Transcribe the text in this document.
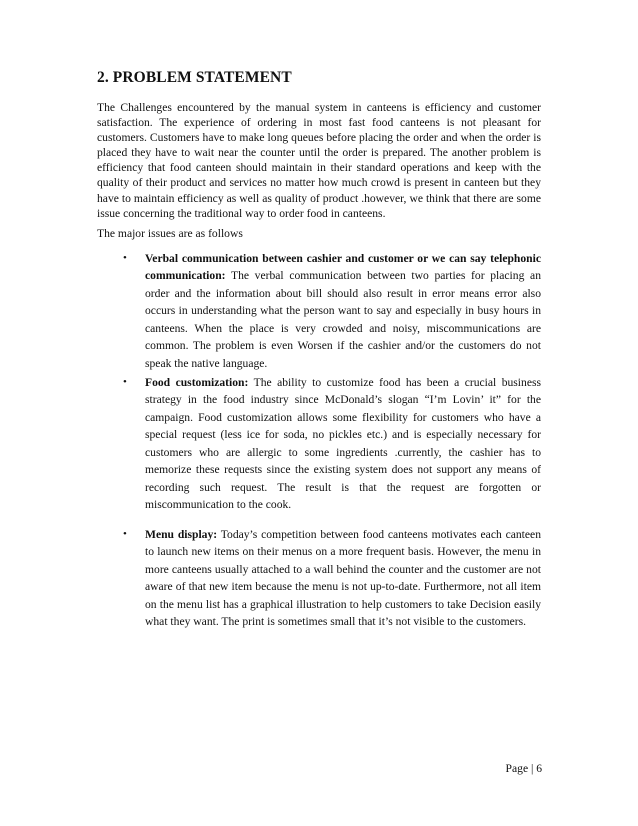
2. PROBLEM STATEMENT

The Challenges encountered by the manual system in canteens is efficiency and customer satisfaction. The experience of ordering in most fast food canteens is not pleasant for customers. Customers have to make long queues before placing the order and when the order is placed they have to wait near the counter until the order is prepared. The another problem is efficiency that food canteen should maintain in their standard operations and keep with the quality of their product and services no matter how much crowd is present in canteen but they have to maintain efficiency as well as quality of product .however, we think that there are some issue concerning the traditional way to order food in canteens.

The major issues are as follows

• Verbal communication between cashier and customer or we can say telephonic communication: The verbal communication between two parties for placing an order and the information about bill should also result in error means error also occurs in understanding what the person want to say and especially in busy hours in canteens. When the place is very crowded and noisy, miscommunications are common. The problem is even Worsen if the cashier and/or the customers do not speak the native language.

• Food customization: The ability to customize food has been a crucial business strategy in the food industry since McDonald’s slogan “I’m Lovin’ it” for the campaign. Food customization allows some flexibility for customers who have a special request (less ice for soda, no pickles etc.) and is especially necessary for customers who are allergic to some ingredients .currently, the cashier has to memorize these requests since the existing system does not support any means of recording such request. The result is that the request are forgotten or miscommunication to the cook.

• Menu display: Today’s competition between food canteens motivates each canteen to launch new items on their menus on a more frequent basis. However, the menu in more canteens usually attached to a wall behind the counter and the customer are not aware of that new item because the menu is not up-to-date. Furthermore, not all item on the menu list has a graphical illustration to help customers to take Decision easily what they want. The print is sometimes small that it’s not visible to the customers.

Page | 6
